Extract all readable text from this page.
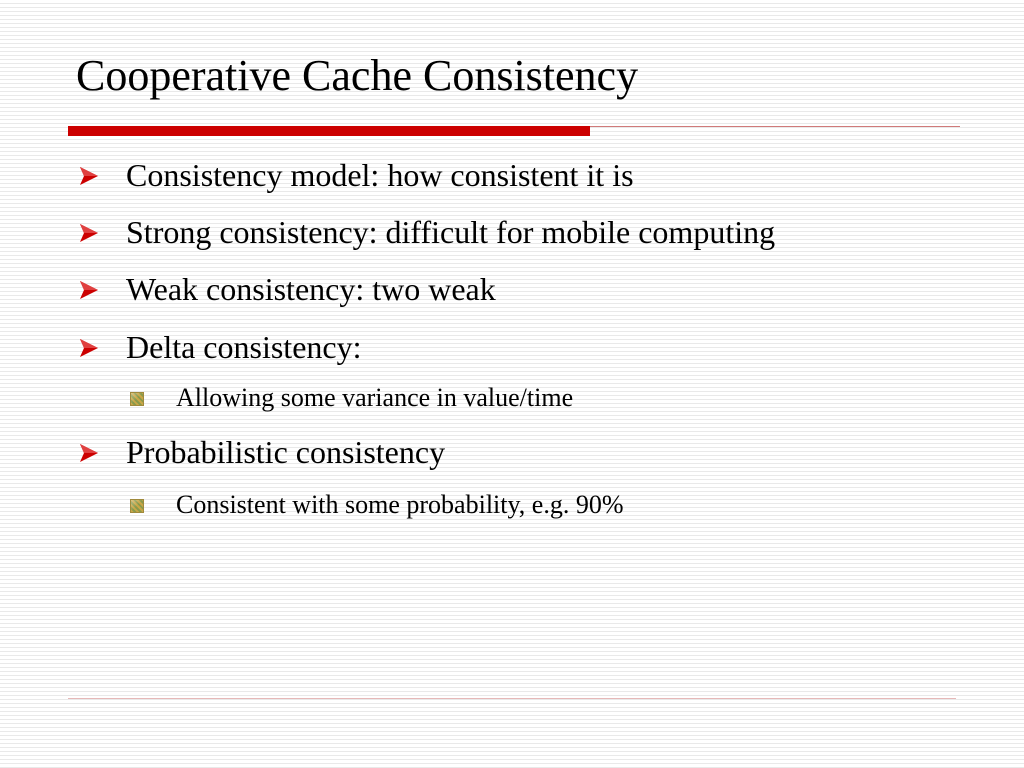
Cooperative Cache Consistency
Consistency model: how consistent it is
Strong consistency: difficult for mobile computing
Weak consistency: two weak
Delta consistency:
Allowing some variance in value/time
Probabilistic consistency
Consistent with some probability, e.g. 90%
